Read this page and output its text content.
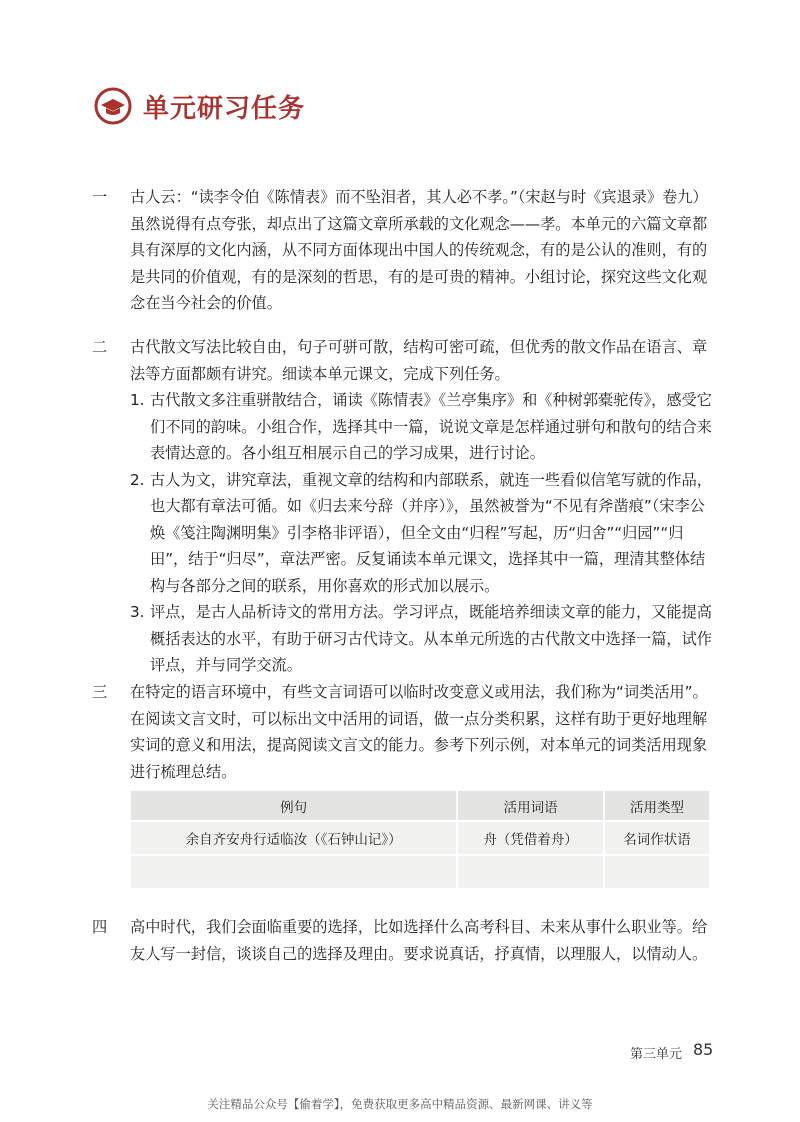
单元研习任务
一	古人云：“读李令伯《陈情表》而不坠泪者，其人必不孝。”（宋赵与时《宾退录》卷九）虽然说得有点夸张，却点出了这篇文章所承载的文化观念——孝。本单元的六篇文章都具有深厚的文化内涵，从不同方面体现出中国人的传统观念，有的是公认的准则，有的是共同的价值观，有的是深刻的哲思，有的是可贵的精神。小组讨论，探究这些文化观念在当今社会的价值。
二	古代散文写法比较自由，句子可骈可散，结构可密可疏，但优秀的散文作品在语言、章法等方面都颇有讲究。细读本单元课文，完成下列任务。
1. 古代散文多注重骈散结合，诵读《陈情表》《兰亭集序》和《种树郭橐驼传》，感受它们不同的韵味。小组合作，选择其中一篇，说说文章是怎样通过骈句和散句的结合来表情达意的。各小组互相展示自己的学习成果，进行讨论。
2. 古人为文，讲究章法，重视文章的结构和内部联系，就连一些看似信笔写就的作品，也大都有章法可循。如《归去来兮辞（并序）》，虽然被誉为“不见有斧凿痕”（宋李公焕《笺注陶渊明集》引李格非评语），但全文由“归程”写起，历“归舍”“归园”“归田”，结于“归尽”，章法严密。反复诵读本单元课文，选择其中一篇，理清其整体结构与各部分之间的联系，用你喜欢的形式加以展示。
3. 评点，是古人品析诗文的常用方法。学习评点，既能培养细读文章的能力，又能提高概括表达的水平，有助于研习古代诗文。从本单元所选的古代散文中选择一篇，试作评点，并与同学交流。
三	在特定的语言环境中，有些文言词语可以临时改变意义或用法，我们称为“词类活用”。在阅读文言文时，可以标出文中活用的词语，做一点分类积累，这样有助于更好地理解实词的意义和用法，提高阅读文言文的能力。参考下列示例，对本单元的词类活用现象进行梳理总结。
例句	活用词语	活用类型
余自齐安舟行适临汝（《石钟山记》）	舟（凭借着舟）	名词作状语

四	高中时代，我们会面临重要的选择，比如选择什么高考科目、未来从事什么职业等。给友人写一封信，谈谈自己的选择及理由。要求说真话，抒真情，以理服人，以情动人。
第三单元 85
关注精品公众号【偷着学】，免费获取更多高中精品资源、最新网课、讲义等
